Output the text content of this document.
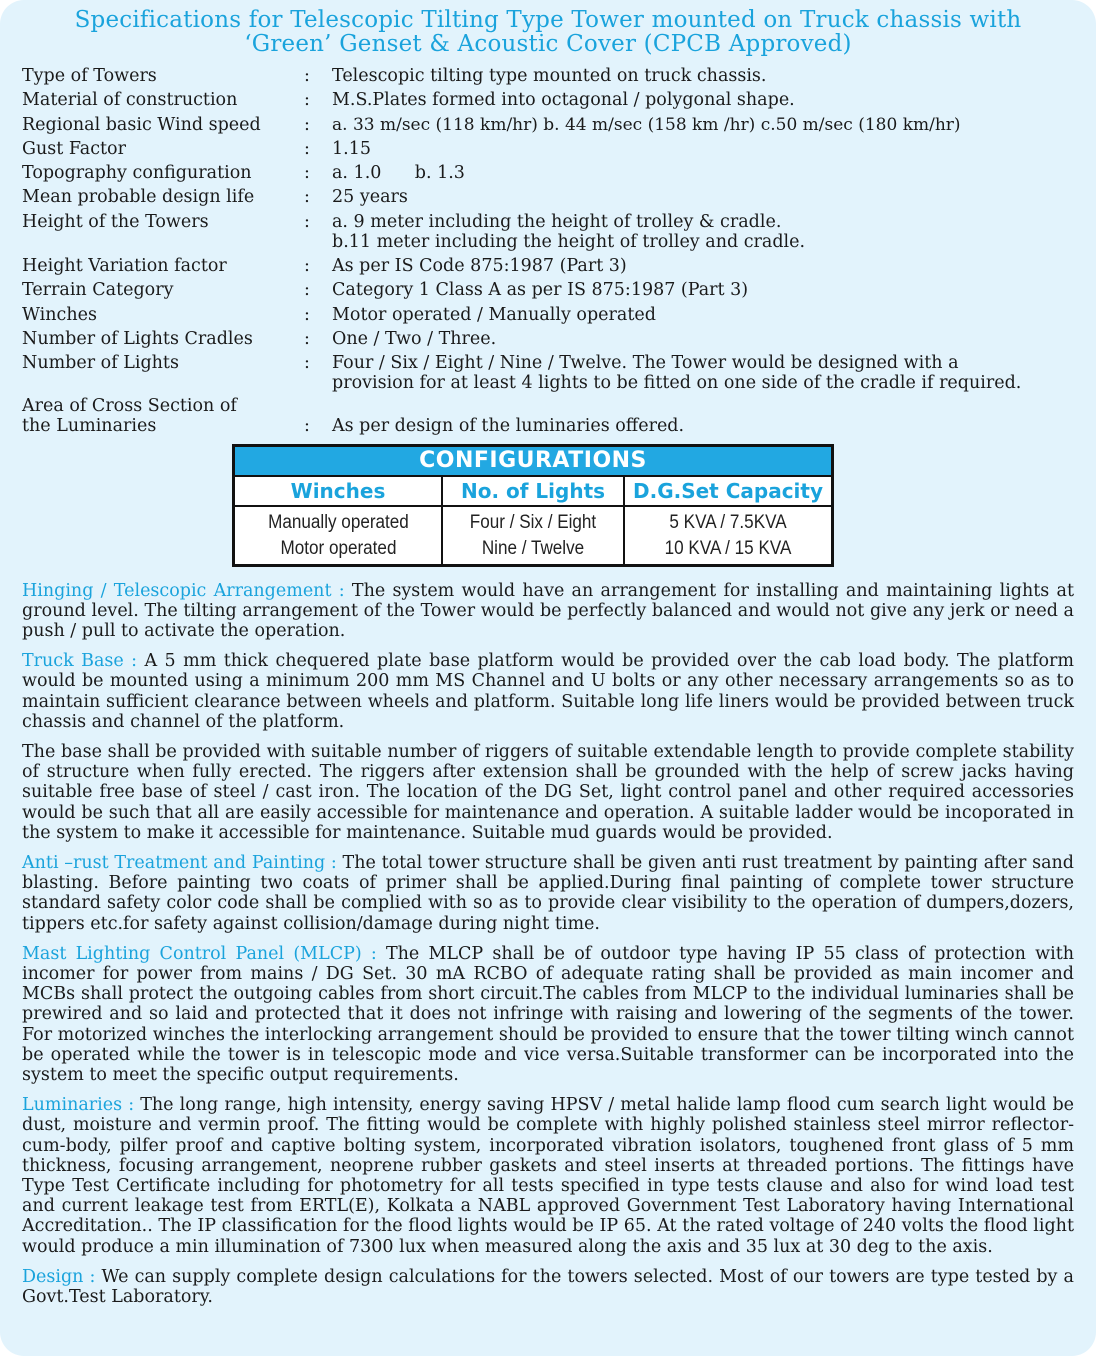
Specifications for Telescopic Tilting Type Tower mounted on Truck chassis with
‘Green’ Genset & Acoustic Cover (CPCB Approved)
Type of Towers	:	Telescopic tilting type mounted on truck chassis.
Material of construction	:	M.S.Plates formed into octagonal / polygonal shape.
Regional basic Wind speed	:	a. 33 m/sec (118 km/hr) b. 44 m/sec (158 km /hr) c.50 m/sec (180 km/hr)
Gust Factor	:	1.15
Topography configuration	:	a. 1.0      b. 1.3
Mean probable design life	:	25 years
Height of the Towers	:	a. 9 meter including the height of trolley & cradle.
b.11 meter including the height of trolley and cradle.
Height Variation factor	:	As per IS Code 875:1987 (Part 3)
Terrain Category	:	Category 1 Class A as per IS 875:1987 (Part 3)
Winches	:	Motor operated / Manually operated
Number of Lights Cradles	:	One / Two / Three.
Number of Lights	:	Four / Six / Eight / Nine / Twelve. The Tower would be designed with a
provision for at least 4 lights to be fitted on one side of the cradle if required.
Area of Cross Section of
the Luminaries	:	As per design of the luminaries offered.
CONFIGURATIONS		
Winches	No. of Lights	D.G.Set Capacity
Manually operated	Four / Six / Eight	5 KVA / 7.5KVA
Motor operated	Nine / Twelve	10 KVA / 15 KVA

Hinging / Telescopic Arrangement : The system would have an arrangement for installing and maintaining lights at ground level. The tilting arrangement of the Tower would be perfectly balanced and would not give any jerk or need a push / pull to activate the operation.

Truck Base : A 5 mm thick chequered plate base platform would be provided over the cab load body. The platform would be mounted using a minimum 200 mm MS Channel and U bolts or any other necessary arrangements so as to maintain sufficient clearance between wheels and platform. Suitable long life liners would be provided between truck chassis and channel of the platform.

The base shall be provided with suitable number of riggers of suitable extendable length to provide complete stability of structure when fully erected. The riggers after extension shall be grounded with the help of screw jacks having suitable free base of steel / cast iron. The location of the DG Set, light control panel and other required accessories would be such that all are easily accessible for maintenance and operation. A suitable ladder would be incoporated in the system to make it accessible for maintenance. Suitable mud guards would be provided.

Anti –rust Treatment and Painting : The total tower structure shall be given anti rust treatment by painting after sand blasting. Before painting two coats of primer shall be applied.During final painting of complete tower structure standard safety color code shall be complied with so as to provide clear visibility to the operation of dumpers,dozers, tippers etc.for safety against collision/damage during night time.

Mast Lighting Control Panel (MLCP) : The MLCP shall be of outdoor type having IP 55 class of protection with incomer for power from mains / DG Set. 30 mA RCBO of adequate rating shall be provided as main incomer and MCBs shall protect the outgoing cables from short circuit.The cables from MLCP to the individual luminaries shall be prewired and so laid and protected that it does not infringe with raising and lowering of the segments of the tower. For motorized winches the interlocking arrangement should be provided to ensure that the tower tilting winch cannot be operated while the tower is in telescopic mode and vice versa.Suitable transformer can be incorporated into the system to meet the specific output requirements.

Luminaries : The long range, high intensity, energy saving HPSV / metal halide lamp flood cum search light would be dust, moisture and vermin proof. The fitting would be complete with highly polished stainless steel mirror reflector-cum-body, pilfer proof and captive bolting system, incorporated vibration isolators, toughened front glass of 5 mm thickness, focusing arrangement, neoprene rubber gaskets and steel inserts at threaded portions. The fittings have Type Test Certificate including for photometry for all tests specified in type tests clause and also for wind load test and current leakage test from ERTL(E), Kolkata a NABL approved Government Test Laboratory having International Accreditation.. The IP classification for the flood lights would be IP 65. At the rated voltage of 240 volts the flood light would produce a min illumination of 7300 lux when measured along the axis and 35 lux at 30 deg to the axis.

Design : We can supply complete design calculations for the towers selected. Most of our towers are type tested by a Govt.Test Laboratory.
